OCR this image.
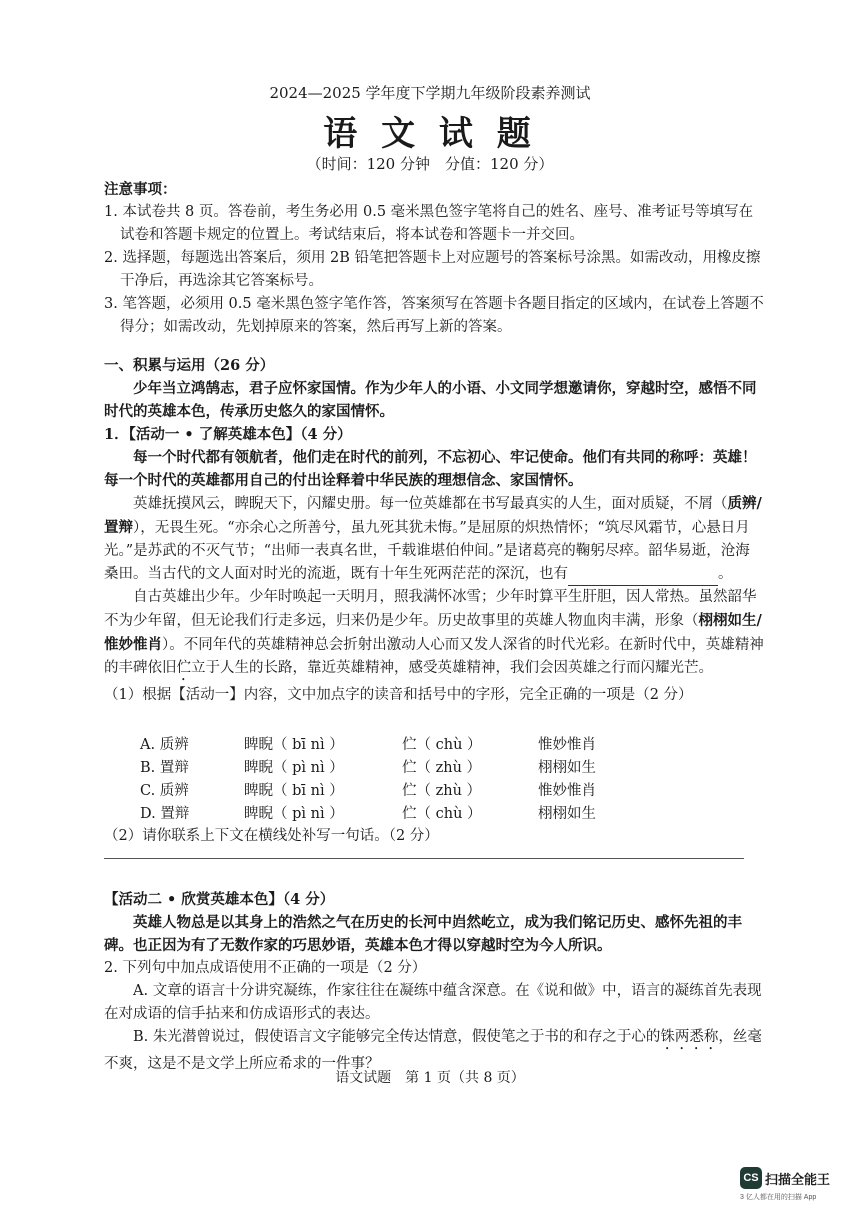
2024—2025 学年度下学期九年级阶段素养测试
语 文 试 题
（时间：120 分钟　分值：120 分）
注意事项：
1. 本试卷共 8 页。答卷前，考生务必用 0.5 毫米黑色签字笔将自己的姓名、座号、准考证号等填写在试卷和答题卡规定的位置上。考试结束后，将本试卷和答题卡一并交回。
2. 选择题，每题选出答案后，须用 2B 铅笔把答题卡上对应题号的答案标号涂黑。如需改动，用橡皮擦干净后，再选涂其它答案标号。
3. 笔答题，必须用 0.5 毫米黑色签字笔作答，答案须写在答题卡各题目指定的区域内，在试卷上答题不得分；如需改动，先划掉原来的答案，然后再写上新的答案。
一、积累与运用（26 分）
少年当立鸿鹄志，君子应怀家国情。作为少年人的小语、小文同学想邀请你，穿越时空，感悟不同时代的英雄本色，传承历史悠久的家国情怀。
1．【活动一 • 了解英雄本色】（4 分）
每一个时代都有领航者，他们走在时代的前列，不忘初心、牢记使命。他们有共同的称呼：英雄！每一个时代的英雄都用自己的付出诠释着中华民族的理想信念、家国情怀。
英雄抚摸风云，睥睨天下，闪耀史册。每一位英雄都在书写最真实的人生，面对质疑，不屑（质辨/置辩），无畏生死。“亦余心之所善兮，虽九死其犹未悔。”是屈原的炽热情怀；“筑尽风霜节，心悬日月光。”是苏武的不灭气节；“出师一表真名世，千载谁堪伯仲间。”是诸葛亮的鞠躬尽瘁。韶华易逝，沧海桑田。当古代的文人面对时光的流逝，既有十年生死两茫茫的深沉，也有	。
自古英雄出少年。少年时唤起一天明月，照我满怀冰雪；少年时算平生肝胆，因人常热。虽然韶华不为少年留，但无论我们行走多远，归来仍是少年。历史故事里的英雄人物血肉丰满，形象（栩栩如生/惟妙惟肖）。不同年代的英雄精神总会折射出激动人心而又发人深省的时代光彩。在新时代中，英雄精神的丰碑依旧伫立于人生的长路，靠近英雄精神，感受英雄精神，我们会因英雄之行而闪耀光芒。
（1）根据【活动一】内容，文中加点字的读音和括号中的字形，完全正确的一项是（2 分）
A. 质辨	睥睨（ bī nì ）	伫（ chù ）	惟妙惟肖
B. 置辩	睥睨（ pì nì ）	伫（ zhù ）	栩栩如生
C. 质辨	睥睨（ bī nì ）	伫（ zhù ）	惟妙惟肖
D. 置辩	睥睨（ pì nì ）	伫（ chù ）	栩栩如生
（2）请你联系上下文在横线处补写一句话。（2 分）
【活动二 • 欣赏英雄本色】（4 分）
英雄人物总是以其身上的浩然之气在历史的长河中岿然屹立，成为我们铭记历史、感怀先祖的丰碑。也正因为有了无数作家的巧思妙语，英雄本色才得以穿越时空为今人所识。
2. 下列句中加点成语使用不正确的一项是（2 分）
A. 文章的语言十分讲究凝练，作家往往在凝练中蕴含深意。在《说和做》中，语言的凝练首先表现在对成语的信手拈来和仿成语形式的表达。
B. 朱光潜曾说过，假使语言文字能够完全传达情意，假使笔之于书的和存之于心的铢两悉称，丝毫不爽，这是不是文学上所应希求的一件事？
语文试题　第 1 页（共 8 页）
CS 扫描全能王
3 亿人都在用的扫描 App
